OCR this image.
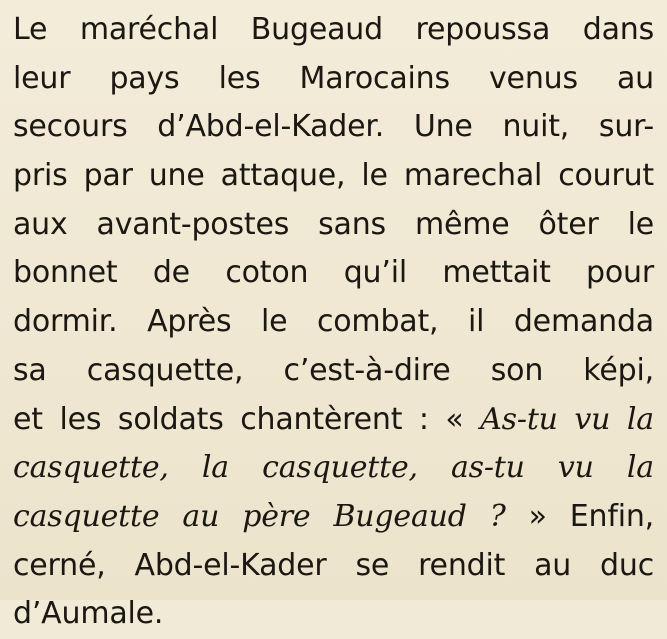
Le maréchal Bugeaud repoussa dans
leur pays les Marocains venus au
secours d’Abd-el-Kader. Une nuit, sur-
pris par une attaque, le marechal courut
aux avant-postes sans même ôter le
bonnet de coton qu’il mettait pour
dormir. Après le combat, il demanda
sa casquette, c’est-à-dire son képi,
et les soldats chantèrent : « As-tu vu la
casquette, la casquette, as-tu vu la
casquette au père Bugeaud ? » Enfin,
cerné, Abd-el-Kader se rendit au duc
d’Aumale.
